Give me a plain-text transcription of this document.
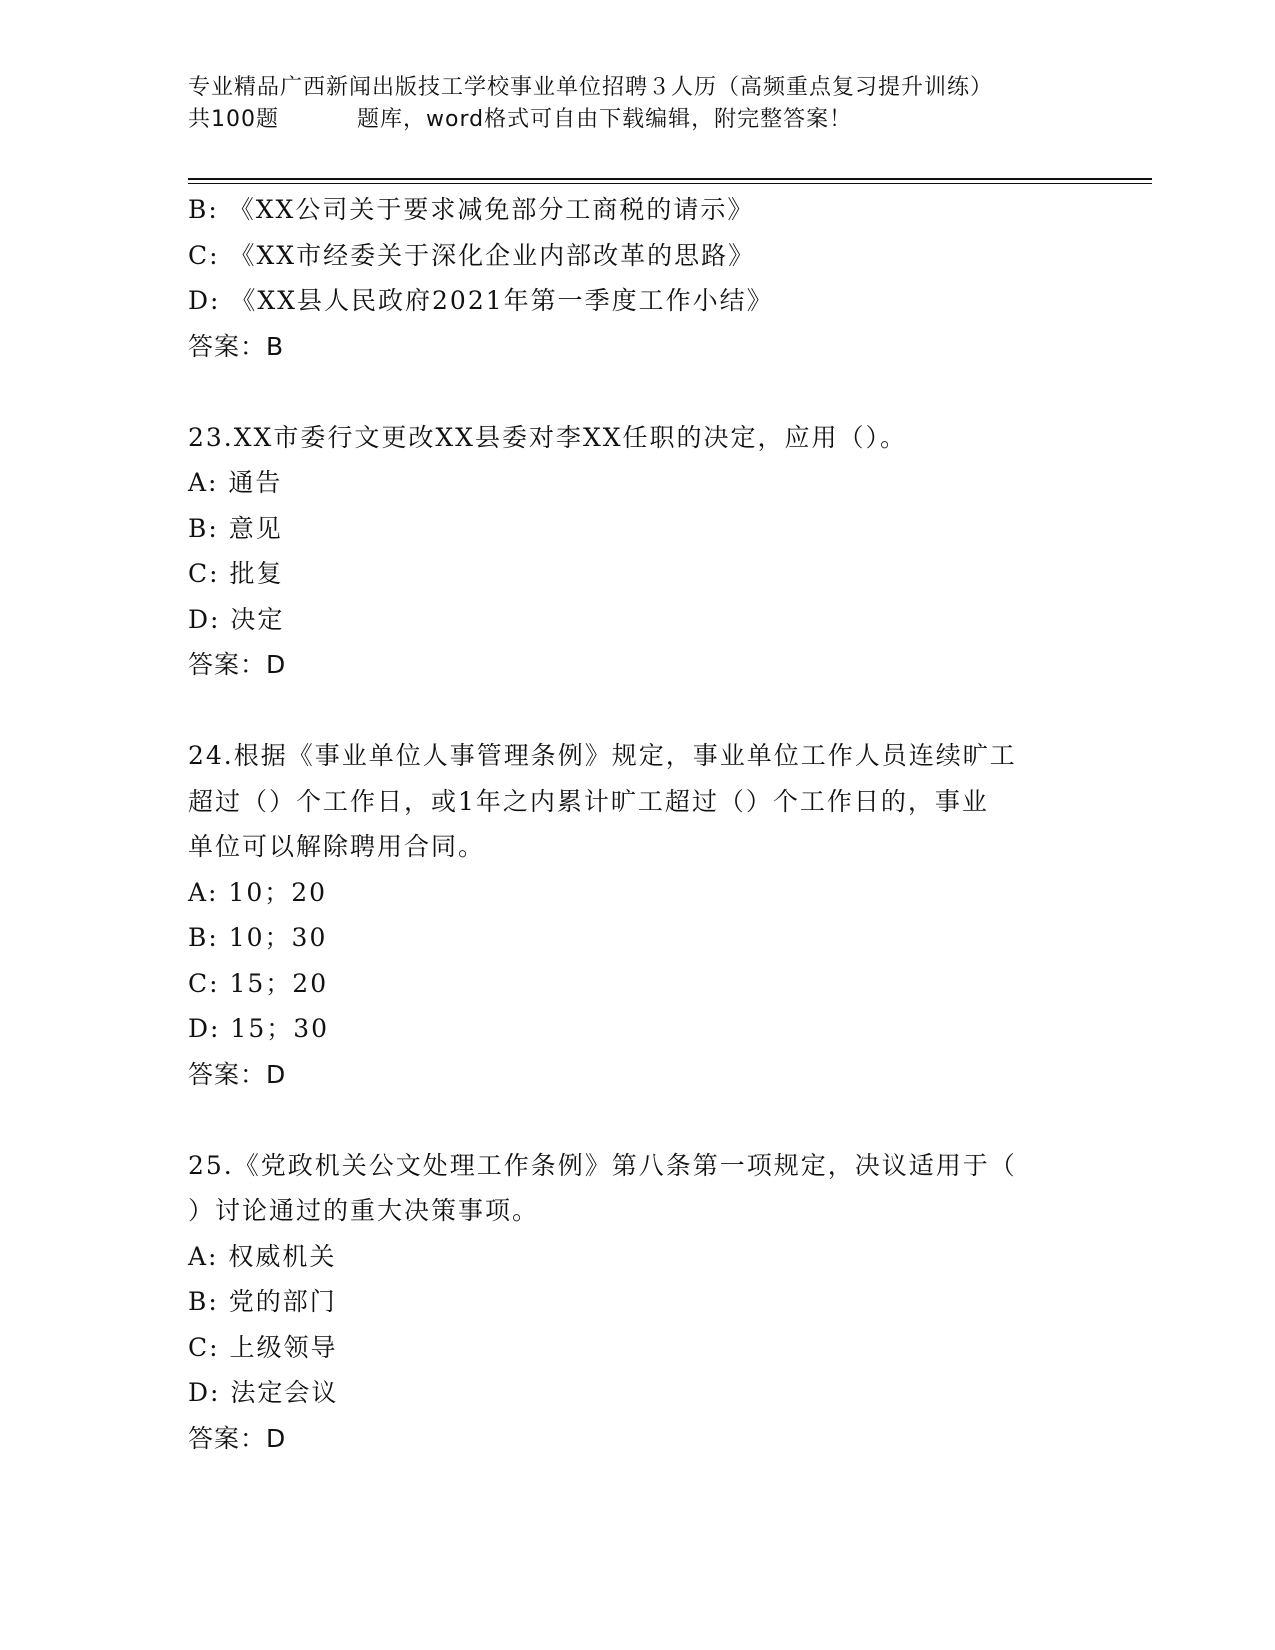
专业精品广西新闻出版技工学校事业单位招聘３人历（高频重点复习提升训练）
共100题	题库，word格式可自由下载编辑，附完整答案！
B: 《XX公司关于要求减免部分工商税的请示》
C: 《XX市经委关于深化企业内部改革的思路》
D: 《XX县人民政府2021年第一季度工作小结》
答案：B
23.XX市委行文更改XX县委对李XX任职的决定，应用（）。
A: 通告
B: 意见
C: 批复
D: 决定
答案：D
24.根据《事业单位人事管理条例》规定，事业单位工作人员连续旷工
超过（）个工作日，或1年之内累计旷工超过（）个工作日的，事业
单位可以解除聘用合同。
A: 10；20
B: 10；30
C: 15；20
D: 15；30
答案：D
25.《党政机关公文处理工作条例》第八条第一项规定，决议适用于（
）讨论通过的重大决策事项。
A: 权威机关
B: 党的部门
C: 上级领导
D: 法定会议
答案：D
